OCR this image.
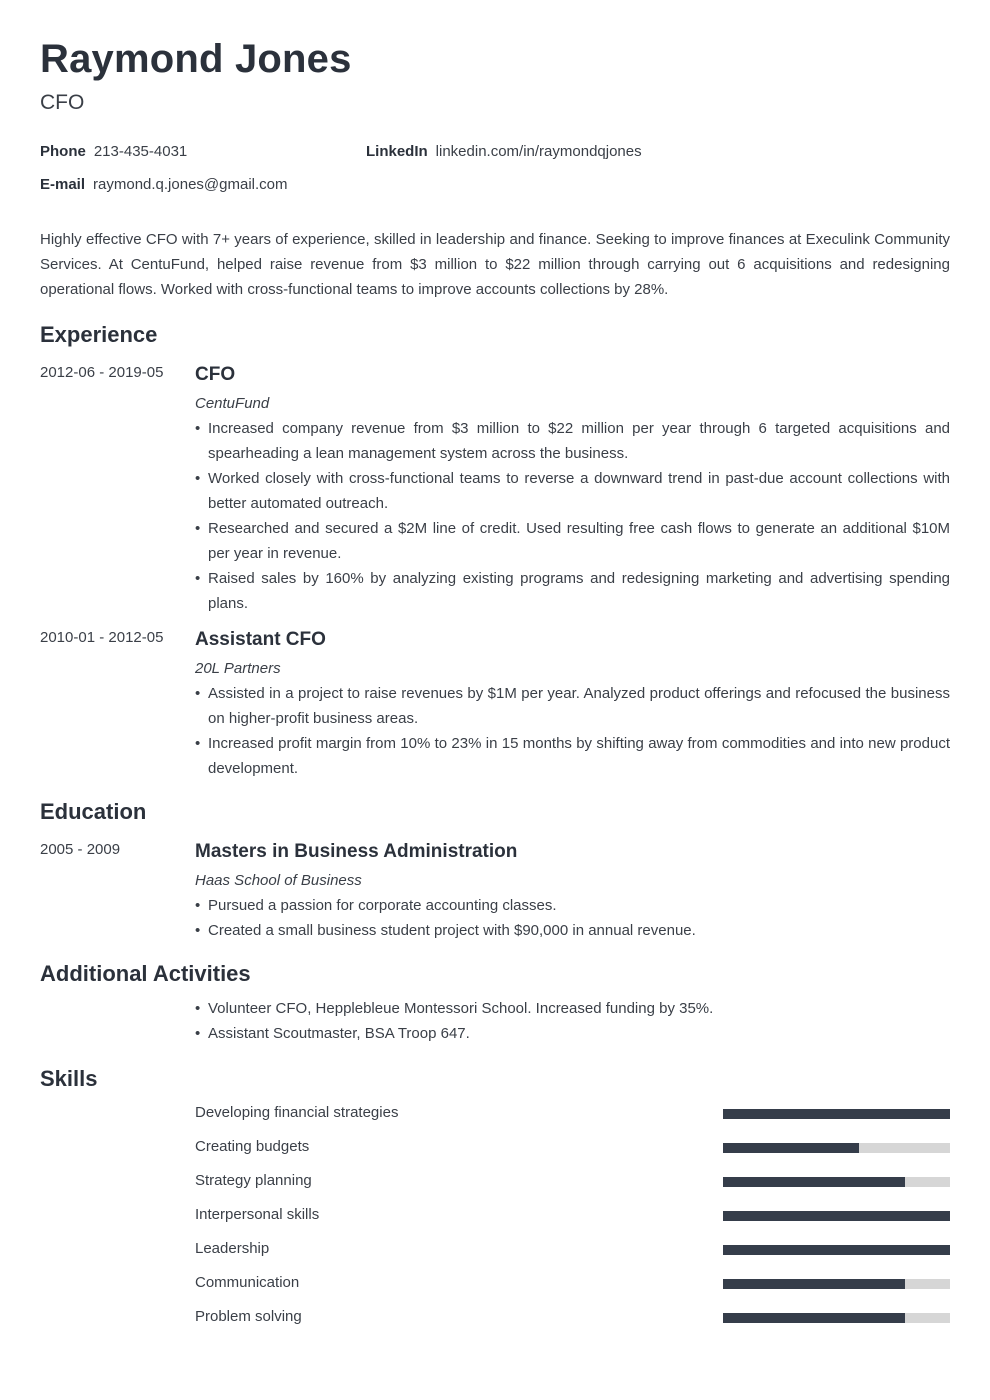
Raymond Jones
CFO
Phone 213-435-4031	LinkedIn linkedin.com/in/raymondqjones
E-mail raymond.q.jones@gmail.com
Highly effective CFO with 7+ years of experience, skilled in leadership and finance. Seeking to improve finances at Execulink Community Services. At CentuFund, helped raise revenue from $3 million to $22 million through carrying out 6 acquisitions and redesigning operational flows. Worked with cross-functional teams to improve accounts collections by 28%.
Experience
2012-06 - 2019-05 CFO
CentuFund
• Increased company revenue from $3 million to $22 million per year through 6 targeted acquisitions and spearheading a lean management system across the business.
• Worked closely with cross-functional teams to reverse a downward trend in past-due account collections with better automated outreach.
• Researched and secured a $2M line of credit. Used resulting free cash flows to generate an additional $10M per year in revenue.
• Raised sales by 160% by analyzing existing programs and redesigning marketing and advertising spending plans.
2010-01 - 2012-05 Assistant CFO
20L Partners
• Assisted in a project to raise revenues by $1M per year. Analyzed product offerings and refocused the business on higher-profit business areas.
• Increased profit margin from 10% to 23% in 15 months by shifting away from commodities and into new product development.
Education
2005 - 2009	Masters in Business Administration
Haas School of Business
• Pursued a passion for corporate accounting classes.
• Created a small business student project with $90,000 in annual revenue.
Additional Activities
• Volunteer CFO, Hepplebleue Montessori School. Increased funding by 35%.
• Assistant Scoutmaster, BSA Troop 647.
Skills
Developing financial strategies
Creating budgets
Strategy planning
Interpersonal skills
Leadership
Communication
Problem solving
